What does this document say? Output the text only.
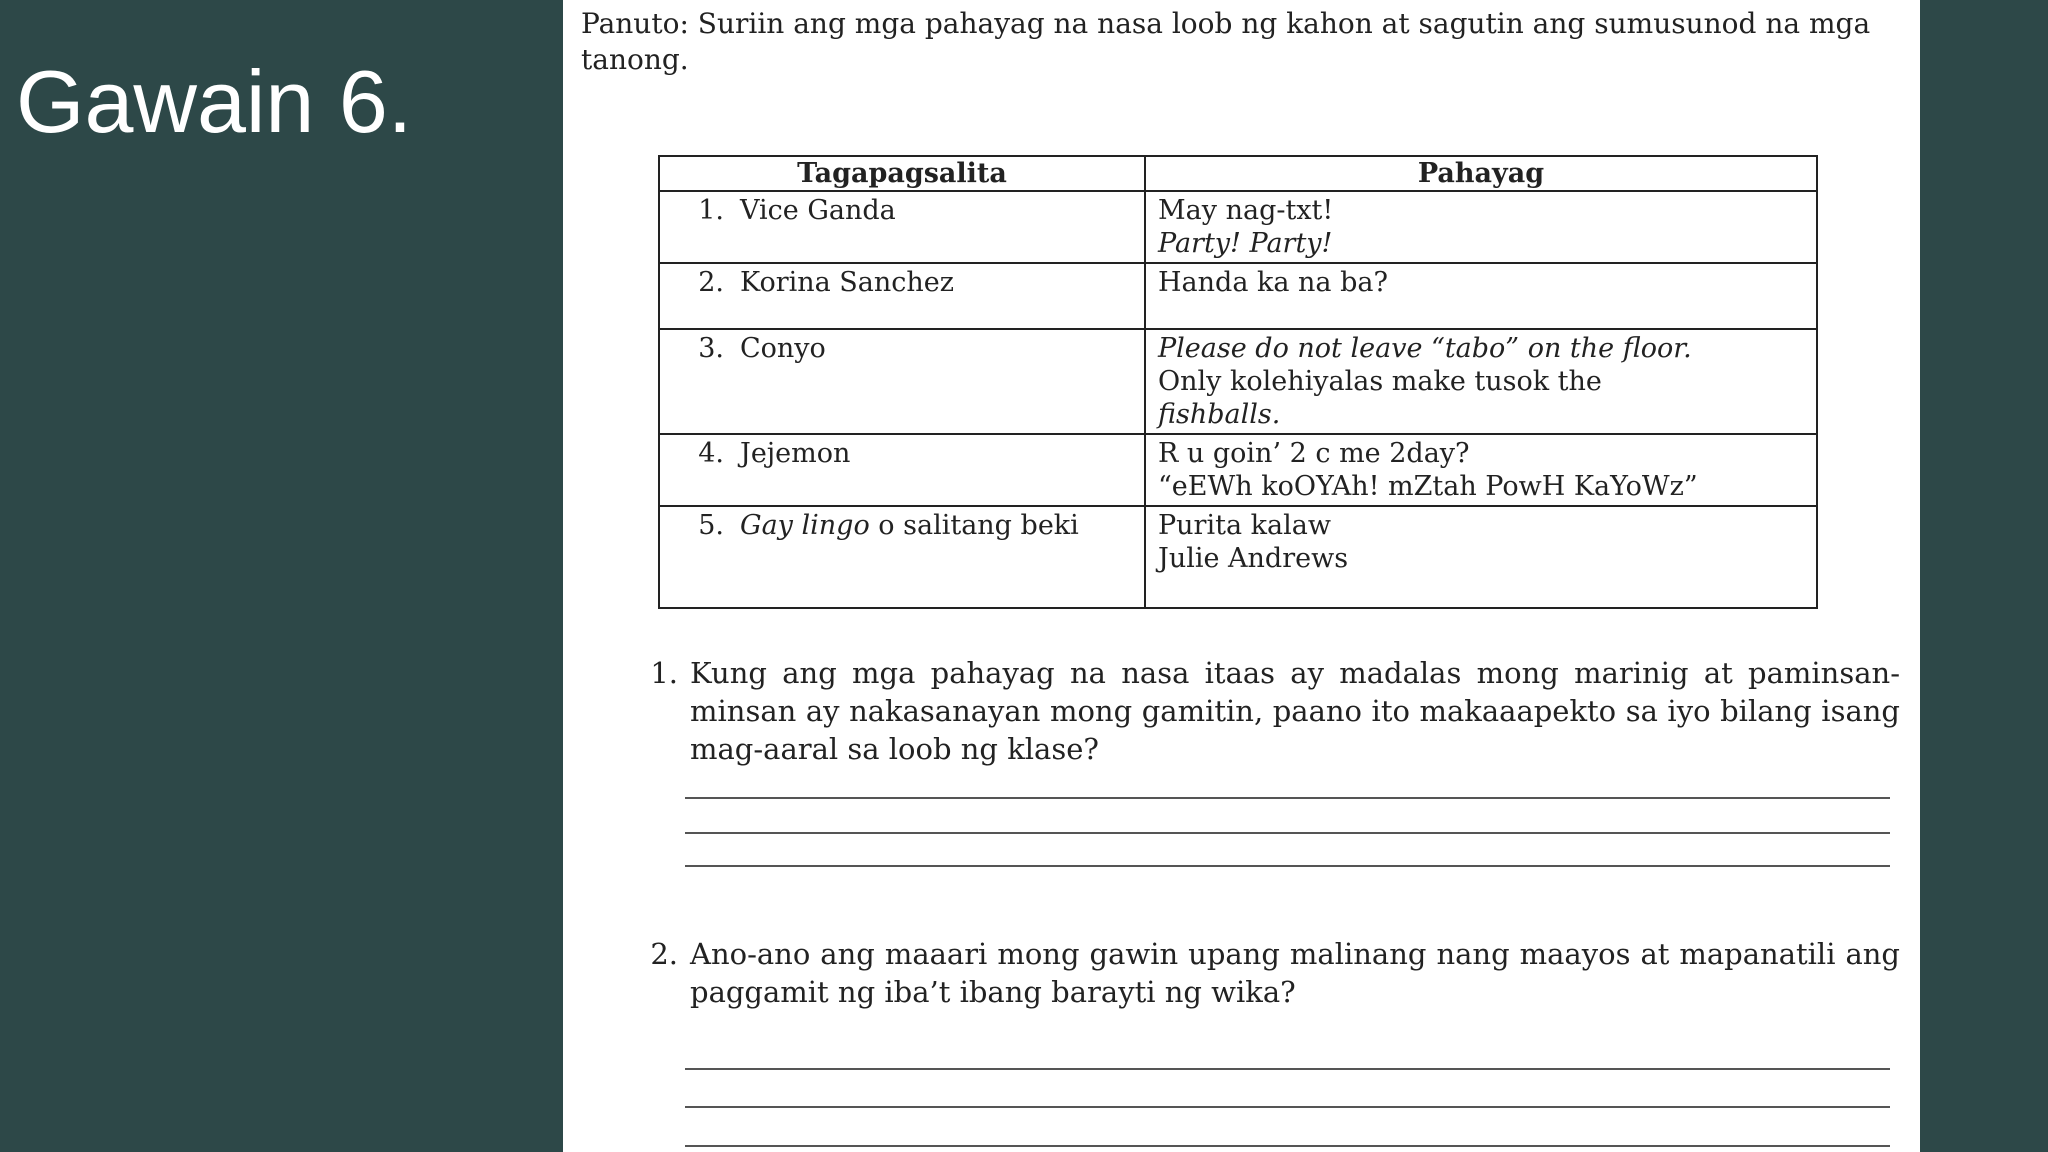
Gawain 6.
Panuto: Suriin ang mga pahayag na nasa loob ng kahon at sagutin ang sumusunod na mga tanong.
Tagapagsalita	Pahayag
1. Vice Ganda	May nag-txt!
Party! Party!

2. Korina Sanchez	Handa ka na ba?

3. Conyo	Please do not leave “tabo” on the floor.
Only kolehiyalas make tusok the
fishballs.

4. Jejemon	R u goin’ 2 c me 2day?
“eEWh koOYAh! mZtah PowH KaYoWz”

5. Gay lingo o salitang beki	Purita kalaw
Julie Andrews
1. Kung ang mga pahayag na nasa itaas ay madalas mong marinig at paminsan-minsan ay nakasanayan mong gamitin, paano ito makaaapekto sa iyo bilang isang mag-aaral sa loob ng klase?
2. Ano-ano ang maaari mong gawin upang malinang nang maayos at mapanatili ang paggamit ng iba’t ibang barayti ng wika?
